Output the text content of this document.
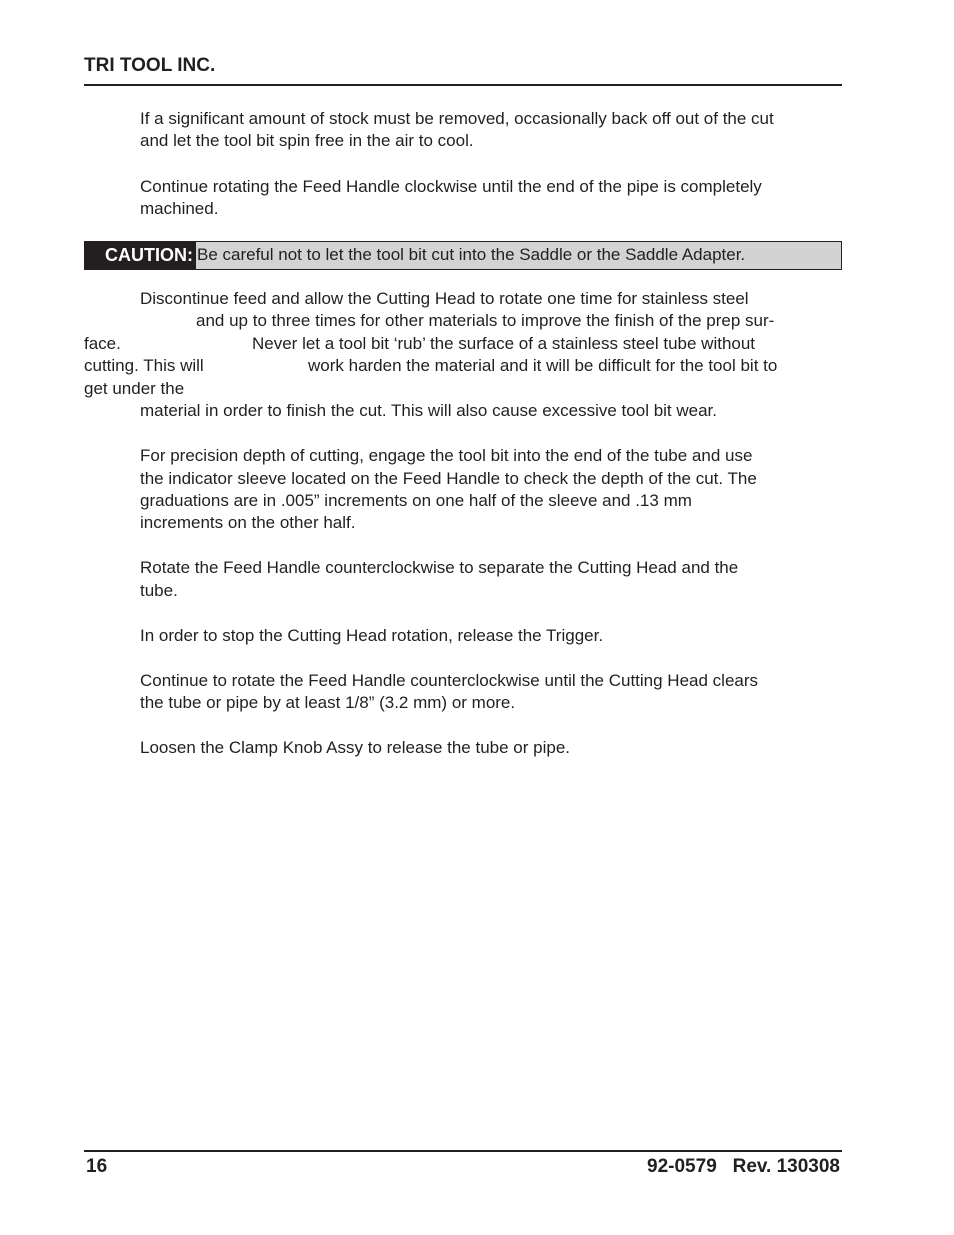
TRI TOOL INC.
If a significant amount of stock must be removed, occasionally back off out of the cut
and let the tool bit spin free in the air to cool.
Continue rotating the Feed Handle clockwise until the end of the pipe is completely
machined.
CAUTION: Be careful not to let the tool bit cut into the Saddle or the Saddle Adapter.
Discontinue feed and allow the Cutting Head to rotate one time for stainless steel
and up to three times for other materials to improve the finish of the prep sur-
face.	Never let a tool bit ‘rub’ the surface of a stainless steel tube without
cutting. This will	work harden the material and it will be difficult for the tool bit to
get under the
material in order to finish the cut. This will also cause excessive tool bit wear.
For precision depth of cutting, engage the tool bit into the end of the tube and use
the indicator sleeve located on the Feed Handle to check the depth of the cut. The
graduations are in .005” increments on one half of the sleeve and .13 mm
increments on the other half.
Rotate the Feed Handle counterclockwise to separate the Cutting Head and the
tube.
In order to stop the Cutting Head rotation, release the Trigger.
Continue to rotate the Feed Handle counterclockwise until the Cutting Head clears
the tube or pipe by at least 1/8” (3.2 mm) or more.
Loosen the Clamp Knob Assy to release the tube or pipe.
16	92-0579   Rev. 130308
